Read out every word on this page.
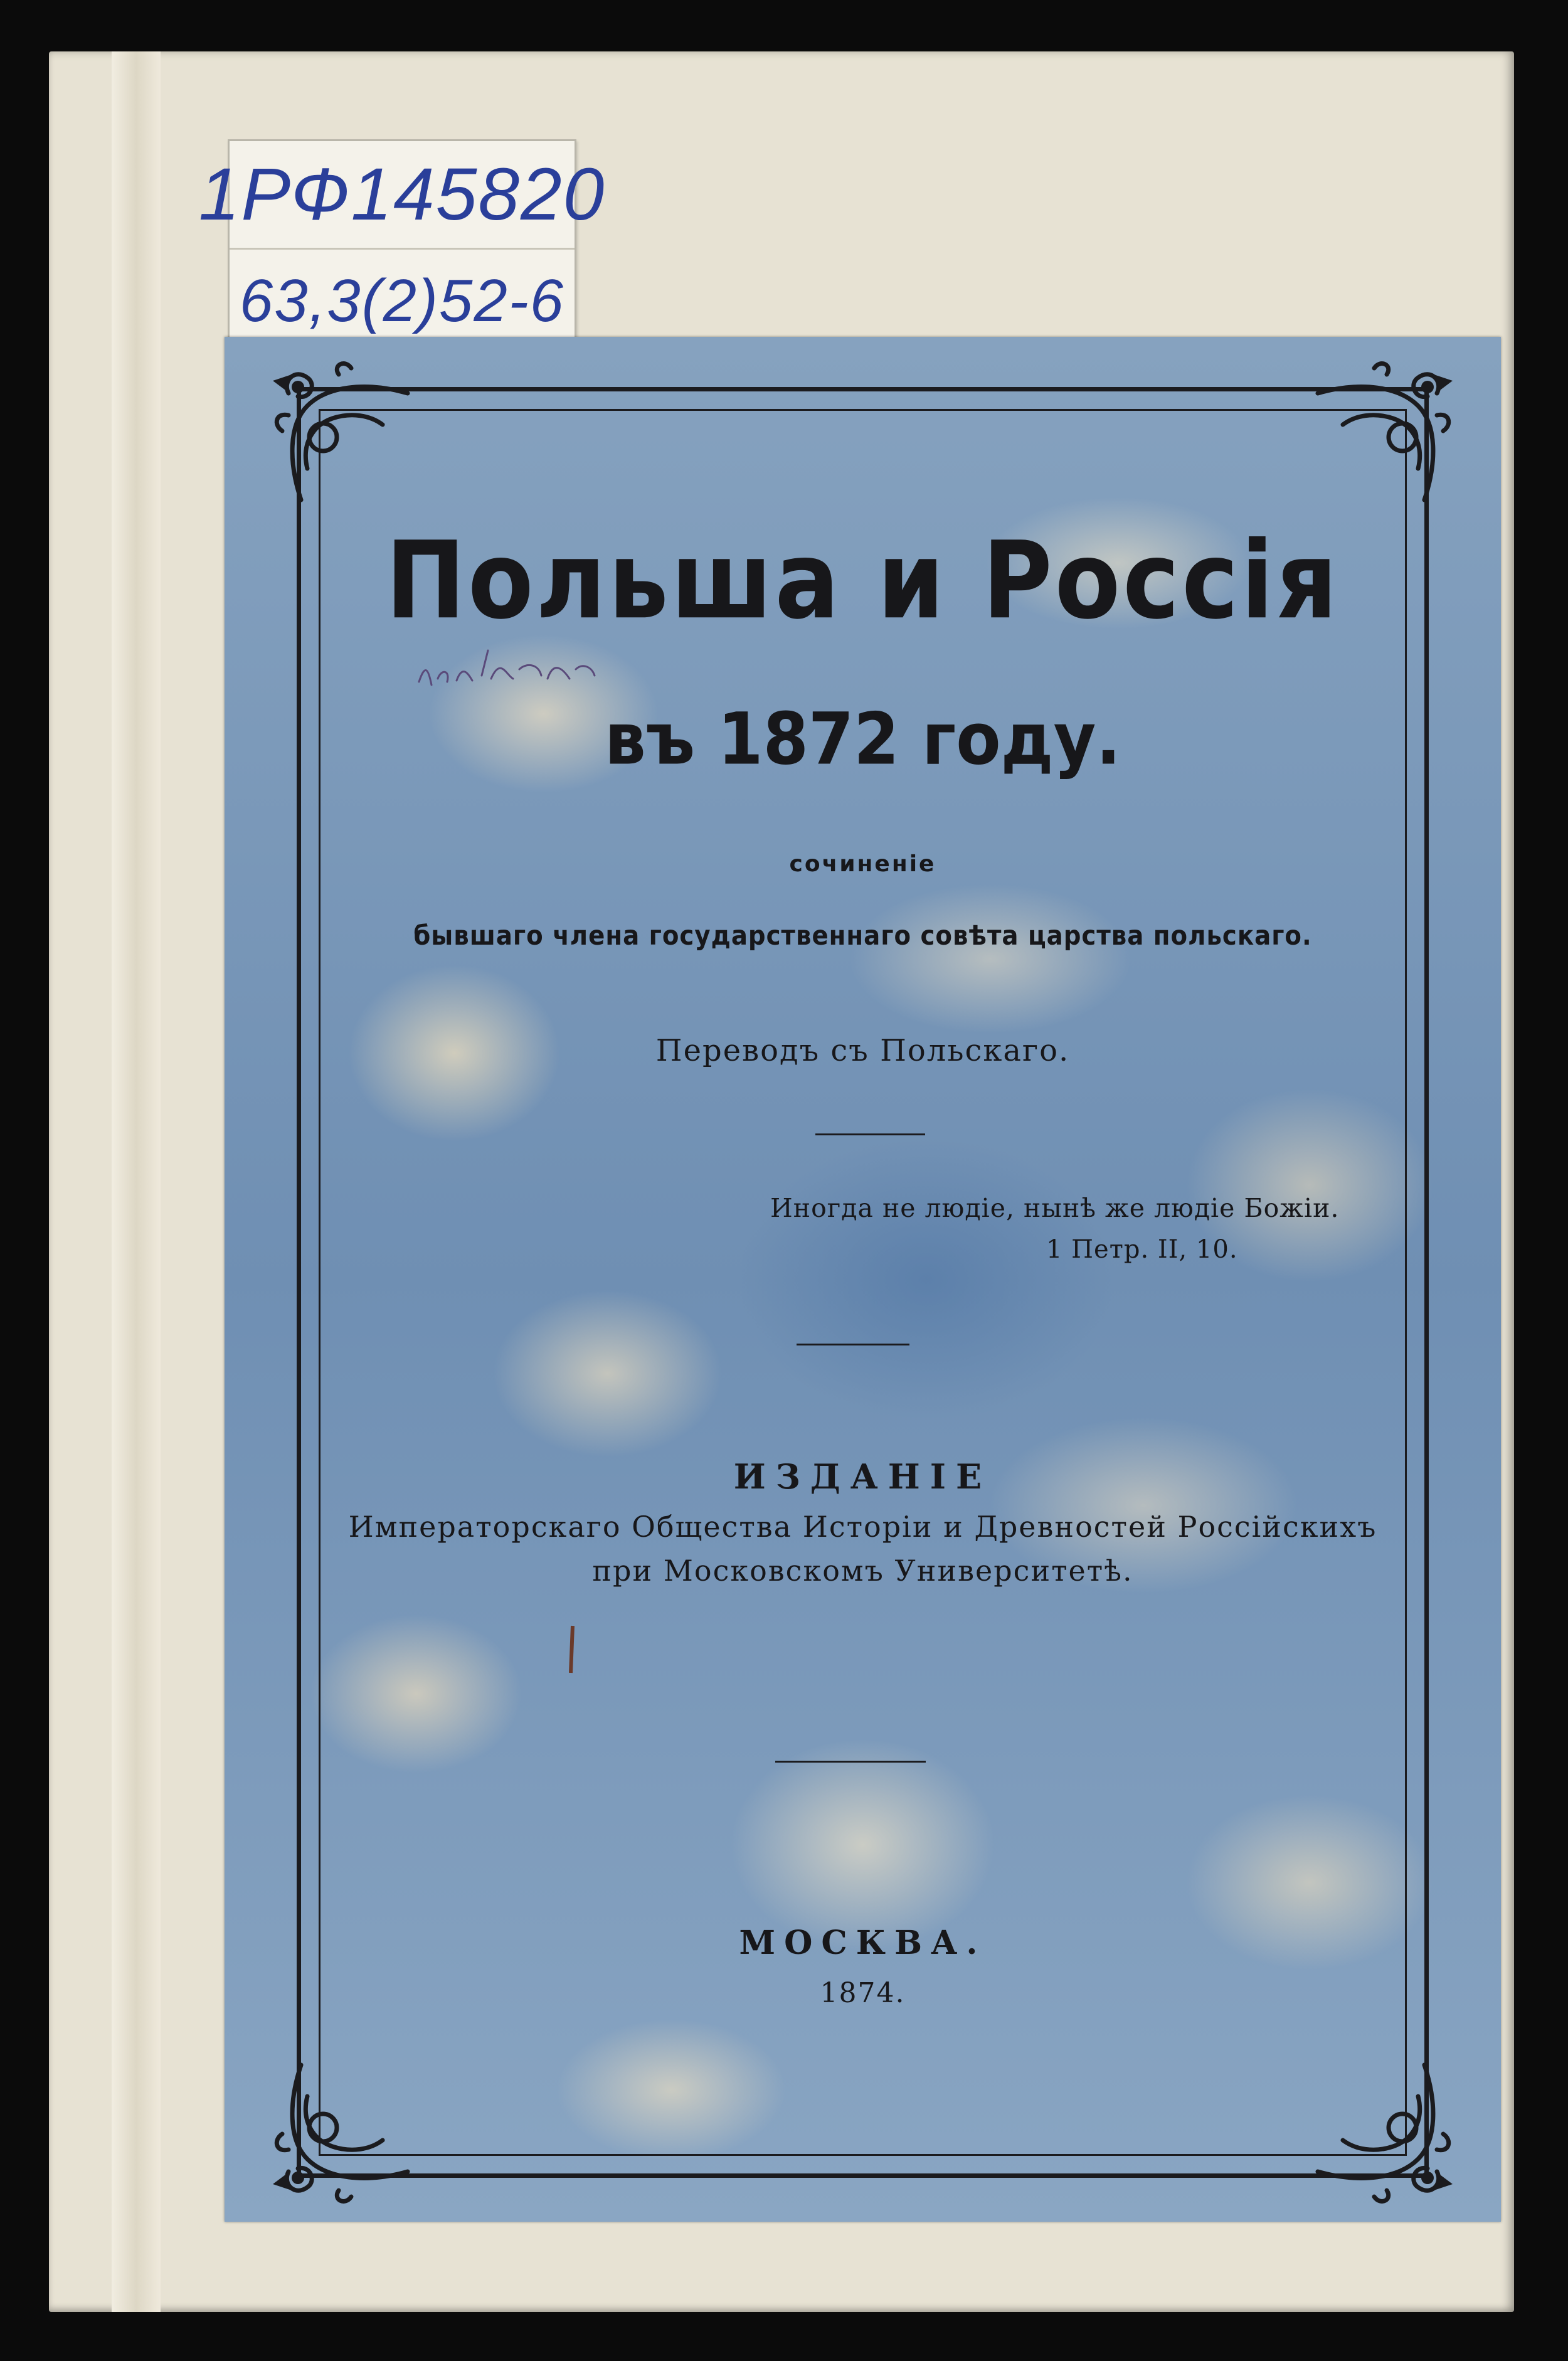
1РФ145820
63,3(2)52-6
Польша и Россія
въ 1872 году.
сочиненіе
бывшаго члена государственнаго совѣта царства польскаго.
Переводъ съ Польскаго.
Иногда не людіе, нынѣ же людіе Божіи.
1 Петр. II, 10.
ИЗДАНІЕ
Императорскаго Общества Исторіи и Древностей Россійскихъ
при Московскомъ Университетѣ.
МОСКВА.
1874.
